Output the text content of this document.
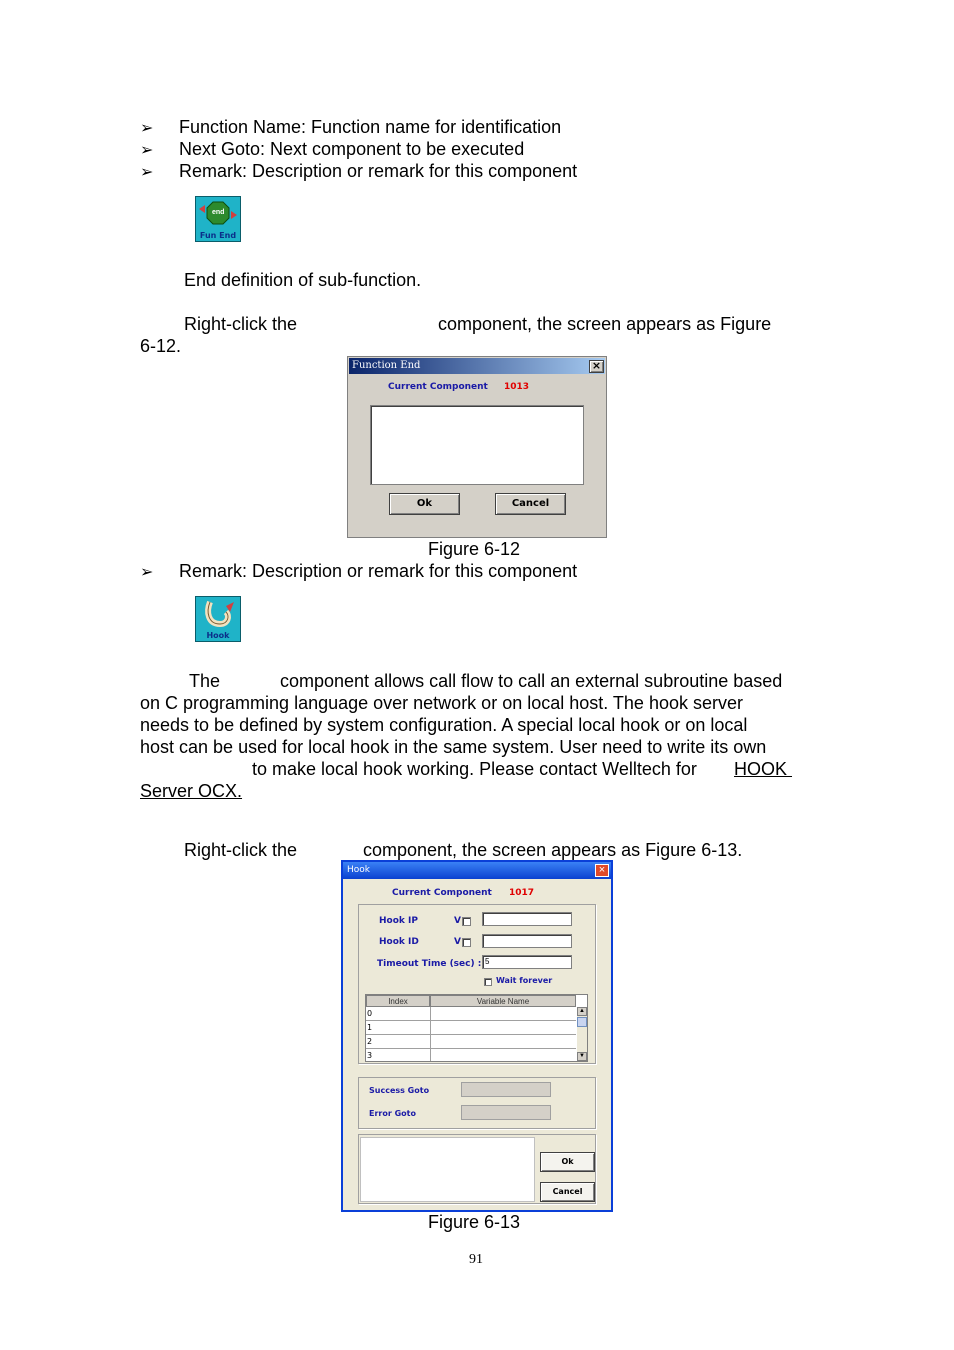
➢ Function Name: Function name for identification
➢ Next Goto: Next component to be executed
➢ Remark: Description or remark for this component
end
Fun End
End definition of sub-function.
Right-click the	component, the screen appears as Figure
6-12.
Function End	×
Current Component 1013
Ok	Cancel
Figure 6-12
➢ Remark: Description or remark for this component
Hook
The	component allows call flow to call an external subroutine based
on C programming language over network or on local host. The hook server
needs to be defined by system configuration. A special local hook or on local
host can be used for local hook in the same system. User need to write its own
to make local hook working. Please contact Welltech for HOOK
Server OCX.
Right-click the	component, the screen appears as Figure 6-13.
Hook	×
Current Component 1017
Hook IP	V
Hook ID	V
Timeout Time (sec) : 5
Wait forever
Index	Variable Name
0
1
2
3
▲
▼
Success Goto
Error Goto
Ok
Cancel
Figure 6-13
91
